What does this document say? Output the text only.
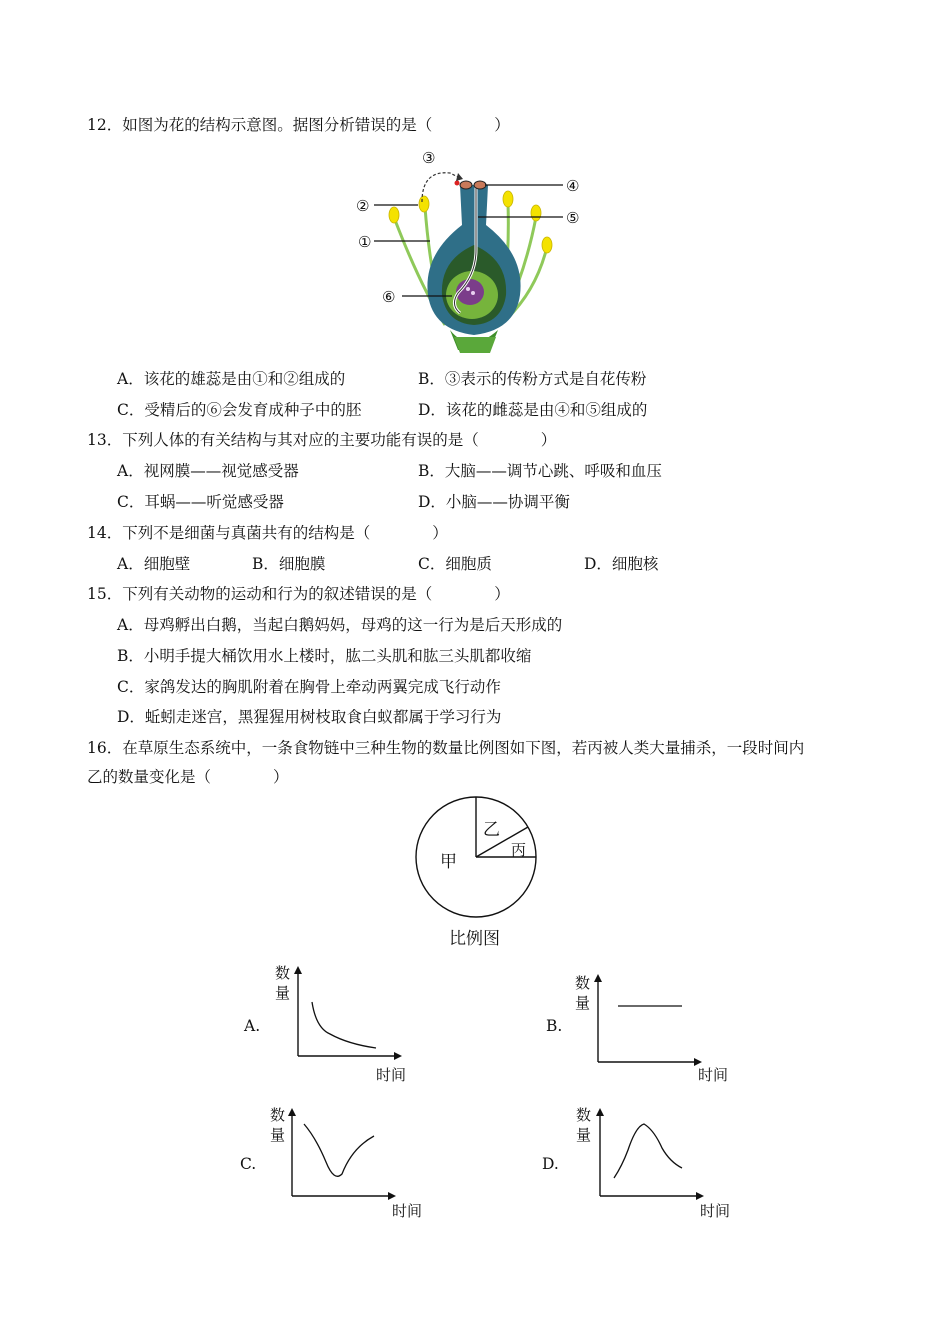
12．如图为花的结构示意图。据图分析错误的是（　　　　）
②
①
③
④
⑤
⑥
A．该花的雄蕊是由①和②组成的	B．③表示的传粉方式是自花传粉
C．受精后的⑥会发育成种子中的胚	D．该花的雌蕊是由④和⑤组成的
13．下列人体的有关结构与其对应的主要功能有误的是（　　　　）
A．视网膜——视觉感受器	B．大脑——调节心跳、呼吸和血压
C．耳蜗——听觉感受器	D．小脑——协调平衡
14．下列不是细菌与真菌共有的结构是（　　　　）
A．细胞壁	B．细胞膜	C．细胞质	D．细胞核
15．下列有关动物的运动和行为的叙述错误的是（　　　　）
A．母鸡孵出白鹅，当起白鹅妈妈，母鸡的这一行为是后天形成的
B．小明手提大桶饮用水上楼时，肱二头肌和肱三头肌都收缩
C．家鸽发达的胸肌附着在胸骨上牵动两翼完成飞行动作
D．蚯蚓走迷宫，黑猩猩用树枝取食白蚁都属于学习行为
16．在草原生态系统中，一条食物链中三种生物的数量比例图如下图，若丙被人类大量捕杀，一段时间内
乙的数量变化是（　　　　）
乙
丙
甲
比例图
A.
数
量
时间
B.
数
量
时间
C.
数
量
时间
D.
数
量
时间
